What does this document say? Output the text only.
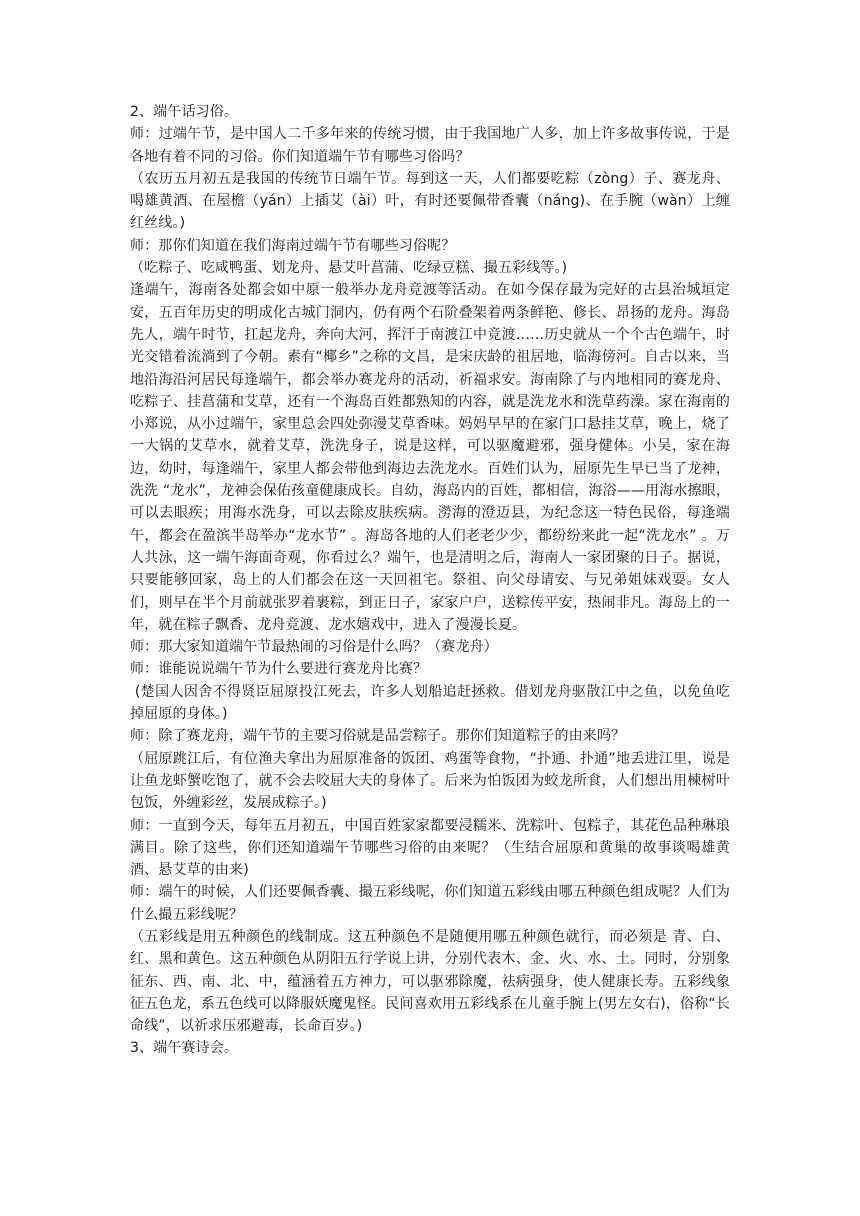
2、端午话习俗。

师：过端午节，是中国人二千多年来的传统习惯，由于我国地广人多，加上许多故事传说，于是各地有着不同的习俗。你们知道端午节有哪些习俗吗？

（农历五月初五是我国的传统节日端午节。每到这一天，人们都要吃粽（zòng）子、赛龙舟、喝雄黄酒、在屋檐（yán）上插艾（ài）叶，有时还要佩带香囊（náng)、在手腕（wàn）上缠红丝线。)

师：那你们知道在我们海南过端午节有哪些习俗呢？

（吃粽子、吃咸鸭蛋、划龙舟、悬艾叶菖蒲、吃绿豆糕、撮五彩线等。)

逢端午，海南各处都会如中原一般举办龙舟竞渡等活动。在如今保存最为完好的古县治城垣定安，五百年历史的明成化古城门洞内，仍有两个石阶叠架着两条鲜艳、修长、昂扬的龙舟。海岛先人，端午时节，扛起龙舟，奔向大河，挥汗于南渡江中竞渡……历史就从一个个古色端午，时光交错着流淌到了今朝。素有“椰乡”之称的文昌，是宋庆龄的祖居地，临海傍河。自古以来，当地沿海沿河居民每逢端午，都会举办赛龙舟的活动，祈福求安。海南除了与内地相同的赛龙舟、吃粽子、挂菖蒲和艾草，还有一个海岛百姓都熟知的内容，就是洗龙水和洗草药澡。家在海南的小郑说，从小过端午，家里总会四处弥漫艾草香味。妈妈早早的在家门口悬挂艾草，晚上，烧了一大锅的艾草水，就着艾草，洗洗身子，说是这样，可以驱魔避邪，强身健体。小吴，家在海边，幼时，每逢端午，家里人都会带他到海边去洗龙水。百姓们认为，屈原先生早已当了龙神，洗洗 “龙水”，龙神会保佑孩童健康成长。自幼，海岛内的百姓，都相信，海浴——用海水擦眼，可以去眼疾；用海水洗身，可以去除皮肤疾病。澇海的澄迈县，为纪念这一特色民俗，每逢端午，都会在盈滨半岛举办“龙水节” 。海岛各地的人们老老少少，都纷纷来此一起“洗龙水” 。万人共泳，这一端午海面奇观，你看过么？端午，也是清明之后，海南人一家团聚的日子。据说，只要能够回家，岛上的人们都会在这一天回祖宅。祭祖、向父母请安、与兄弟姐妹戏耍。女人们，则早在半个月前就张罗着裹粽，到正日子，家家户户，送粽传平安，热闹非凡。海岛上的一年，就在粽子飘香、龙舟竞渡、龙水嬉戏中，进入了漫漫长夏。

师：那大家知道端午节最热闹的习俗是什么吗？（赛龙舟）

师：谁能说说端午节为什么要进行赛龙舟比赛？

(楚国人因舍不得贤臣屈原投江死去，许多人划船追赶拯救。借划龙舟驱散江中之鱼，以免鱼吃掉屈原的身体。)

师：除了赛龙舟，端午节的主要习俗就是品尝粽子。那你们知道粽子的由来吗？

（屈原跳江后，有位渔夫拿出为屈原准备的饭团、鸡蛋等食物，“扑通、扑通”地丢进江里，说是让鱼龙虾蟹吃饱了，就不会去咬屈大夫的身体了。后来为怕饭团为蛟龙所食，人们想出用楝树叶包饭，外缠彩丝，发展成粽子。)

师：一直到今天，每年五月初五，中国百姓家家都要浸糯米、洗粽叶、包粽子，其花色品种琳琅满目。除了这些，你们还知道端午节哪些习俗的由来呢？（生结合屈原和黄巢的故事谈喝雄黄酒、悬艾草的由来)

师：端午的时候，人们还要佩香囊、撮五彩线呢，你们知道五彩线由哪五种颜色组成呢？人们为什么撮五彩线呢？

（五彩线是用五种颜色的线制成。这五种颜色不是随便用哪五种颜色就行，而必须是 青、白、红、黑和黄色。这五种颜色从阴阳五行学说上讲，分别代表木、金、火、水、土。同时，分别象征东、西、南、北、中，蕴涵着五方神力，可以驱邪除魔，祛病强身，使人健康长寿。五彩线象征五色龙，系五色线可以降服妖魔鬼怪。民间喜欢用五彩线系在儿童手腕上(男左女右)，俗称“长命线”，以祈求压邪避毒，长命百岁。)

3、端午赛诗会。
